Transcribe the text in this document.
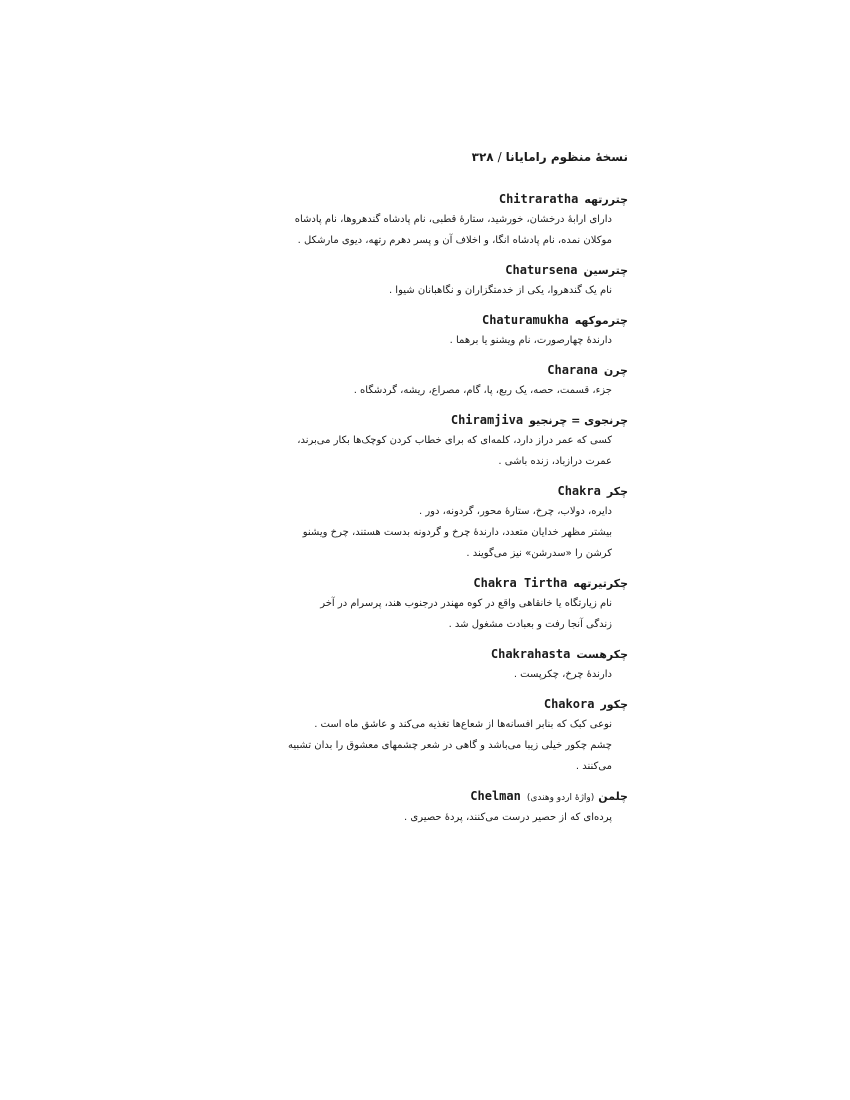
نسخهٔ منظوم رامایانا/۳۲۸
چتررتههChitraratha
دارای ارابهٔ درخشان، خورشید، ستارهٔ قطبی، نام پادشاه گندهروها، نام پادشاه
موکلان نمده، نام پادشاه انگا، و اخلاف آن و پسر دهرم رتهه، دیوی مارشکل .
چترسینChatursena
نام یک گندهروا، یکی از خدمتگزاران و نگاهبانان شیوا .
چترموکههChaturamukha
دارندهٔ چهارصورت، نام ویشنو یا برهما .
چرنCharana
جزء، قسمت، حصه، یک ربع، پا، گام، مصراع، ریشه، گردشگاه .
چرنجوی = چرنجیوChiramjiva
کسی که عمر دراز دارد، کلمه‌ای که برای خطاب کردن کوچک‌ها بکار می‌برند،
عمرت درازباد، زنده باشی .
چکرChakra
دایره، دولاب، چرخ، ستارهٔ محور، گردونه، دور .
بیشتر مظهر خدایان متعدد، دارندهٔ چرخ و گردونه بدست هستند، چرخ ویشنو
کرشن را «سدرشن» نیز می‌گویند .
چکرتیرتههChakra Tirtha
نام زیارتگاه یا خانقاهی واقع در کوه مهندر درجنوب هند، پرسرام در آخر
زندگی آنجا رفت و بعبادت مشغول شد .
چکرهستChakrahasta
دارندهٔ چرخ، چکرپست .
چکورChakora
نوعی کبک که بنابر افسانه‌ها از شعاع‌ها تغذیه می‌کند و عاشق ماه است .
چشم چکور خیلی زیبا می‌باشد و گاهی در شعر چشمهای معشوق را بدان تشبیه
می‌کنند .
چلمن(واژهٔ اردو وهندی)Chelman
پرده‌ای که از حصیر درست می‌کنند، پردهٔ حصیری .
